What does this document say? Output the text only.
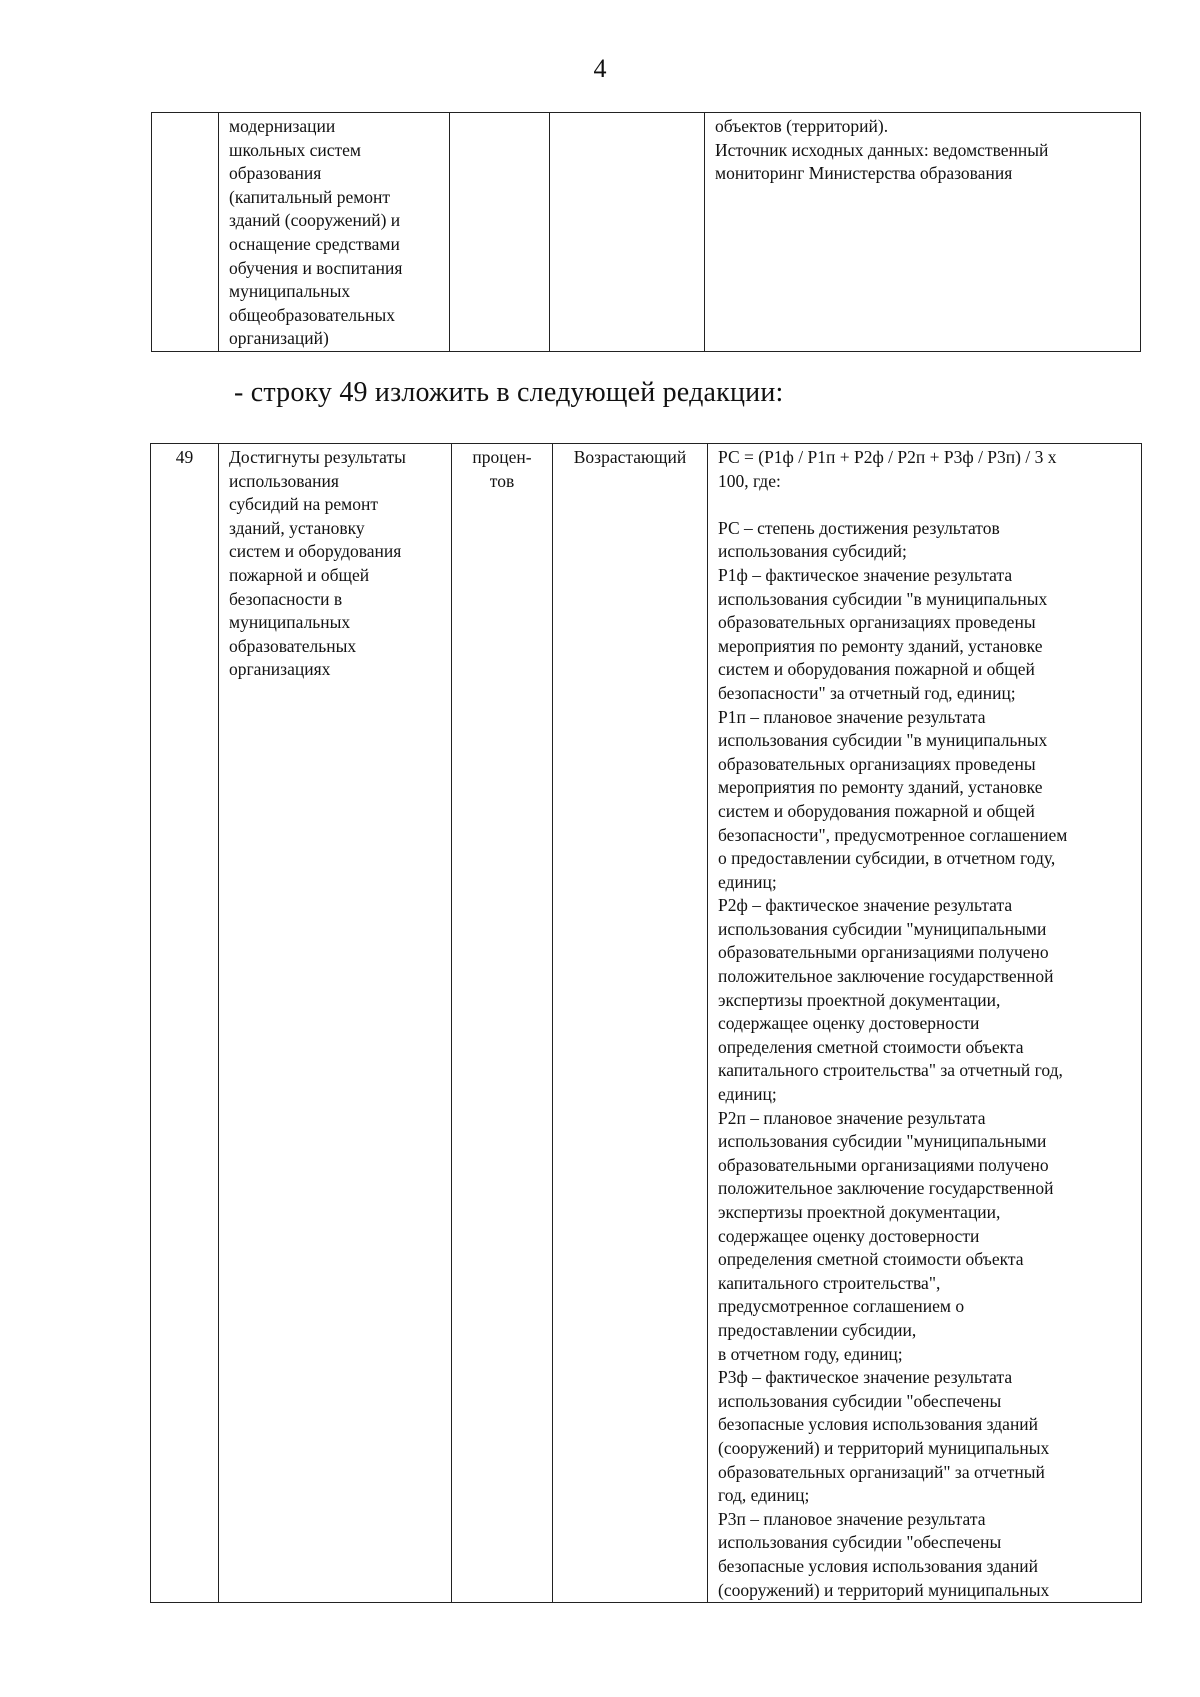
4
	модернизации
школьных систем
образования
(капитальный ремонт
зданий (сооружений) и
оснащение средствами
обучения и воспитания
муниципальных
общеобразовательных
организаций)			объектов (территорий).
Источник исходных данных: ведомственный
мониторинг Министерства образования
- строку 49 изложить в следующей редакции:
49	Достигнуты результаты
использования
субсидий на ремонт
зданий, установку
систем и оборудования
пожарной и общей
безопасности в
муниципальных
образовательных
организациях	процен-
тов	Возрастающий	РС = (Р1ф / Р1п + Р2ф / Р2п + Р3ф / Р3п) / 3 х
100, где:
РС – степень достижения результатов
использования субсидий;
Р1ф – фактическое значение результата
использования субсидии "в муниципальных
образовательных организациях проведены
мероприятия по ремонту зданий, установке
систем и оборудования пожарной и общей
безопасности" за отчетный год, единиц;
Р1п – плановое значение результата
использования субсидии "в муниципальных
образовательных организациях проведены
мероприятия по ремонту зданий, установке
систем и оборудования пожарной и общей
безопасности", предусмотренное соглашением
о предоставлении субсидии, в отчетном году,
единиц;
Р2ф – фактическое значение результата
использования субсидии "муниципальными
образовательными организациями получено
положительное заключение государственной
экспертизы проектной документации,
содержащее оценку достоверности
определения сметной стоимости объекта
капитального строительства" за отчетный год,
единиц;
Р2п – плановое значение результата
использования субсидии "муниципальными
образовательными организациями получено
положительное заключение государственной
экспертизы проектной документации,
содержащее оценку достоверности
определения сметной стоимости объекта
капитального строительства",
предусмотренное соглашением о
предоставлении субсидии,
в отчетном году, единиц;
Р3ф – фактическое значение результата
использования субсидии "обеспечены
безопасные условия использования зданий
(сооружений) и территорий муниципальных
образовательных организаций" за отчетный
год, единиц;
Р3п – плановое значение результата
использования субсидии "обеспечены
безопасные условия использования зданий
(сооружений) и территорий муниципальных
